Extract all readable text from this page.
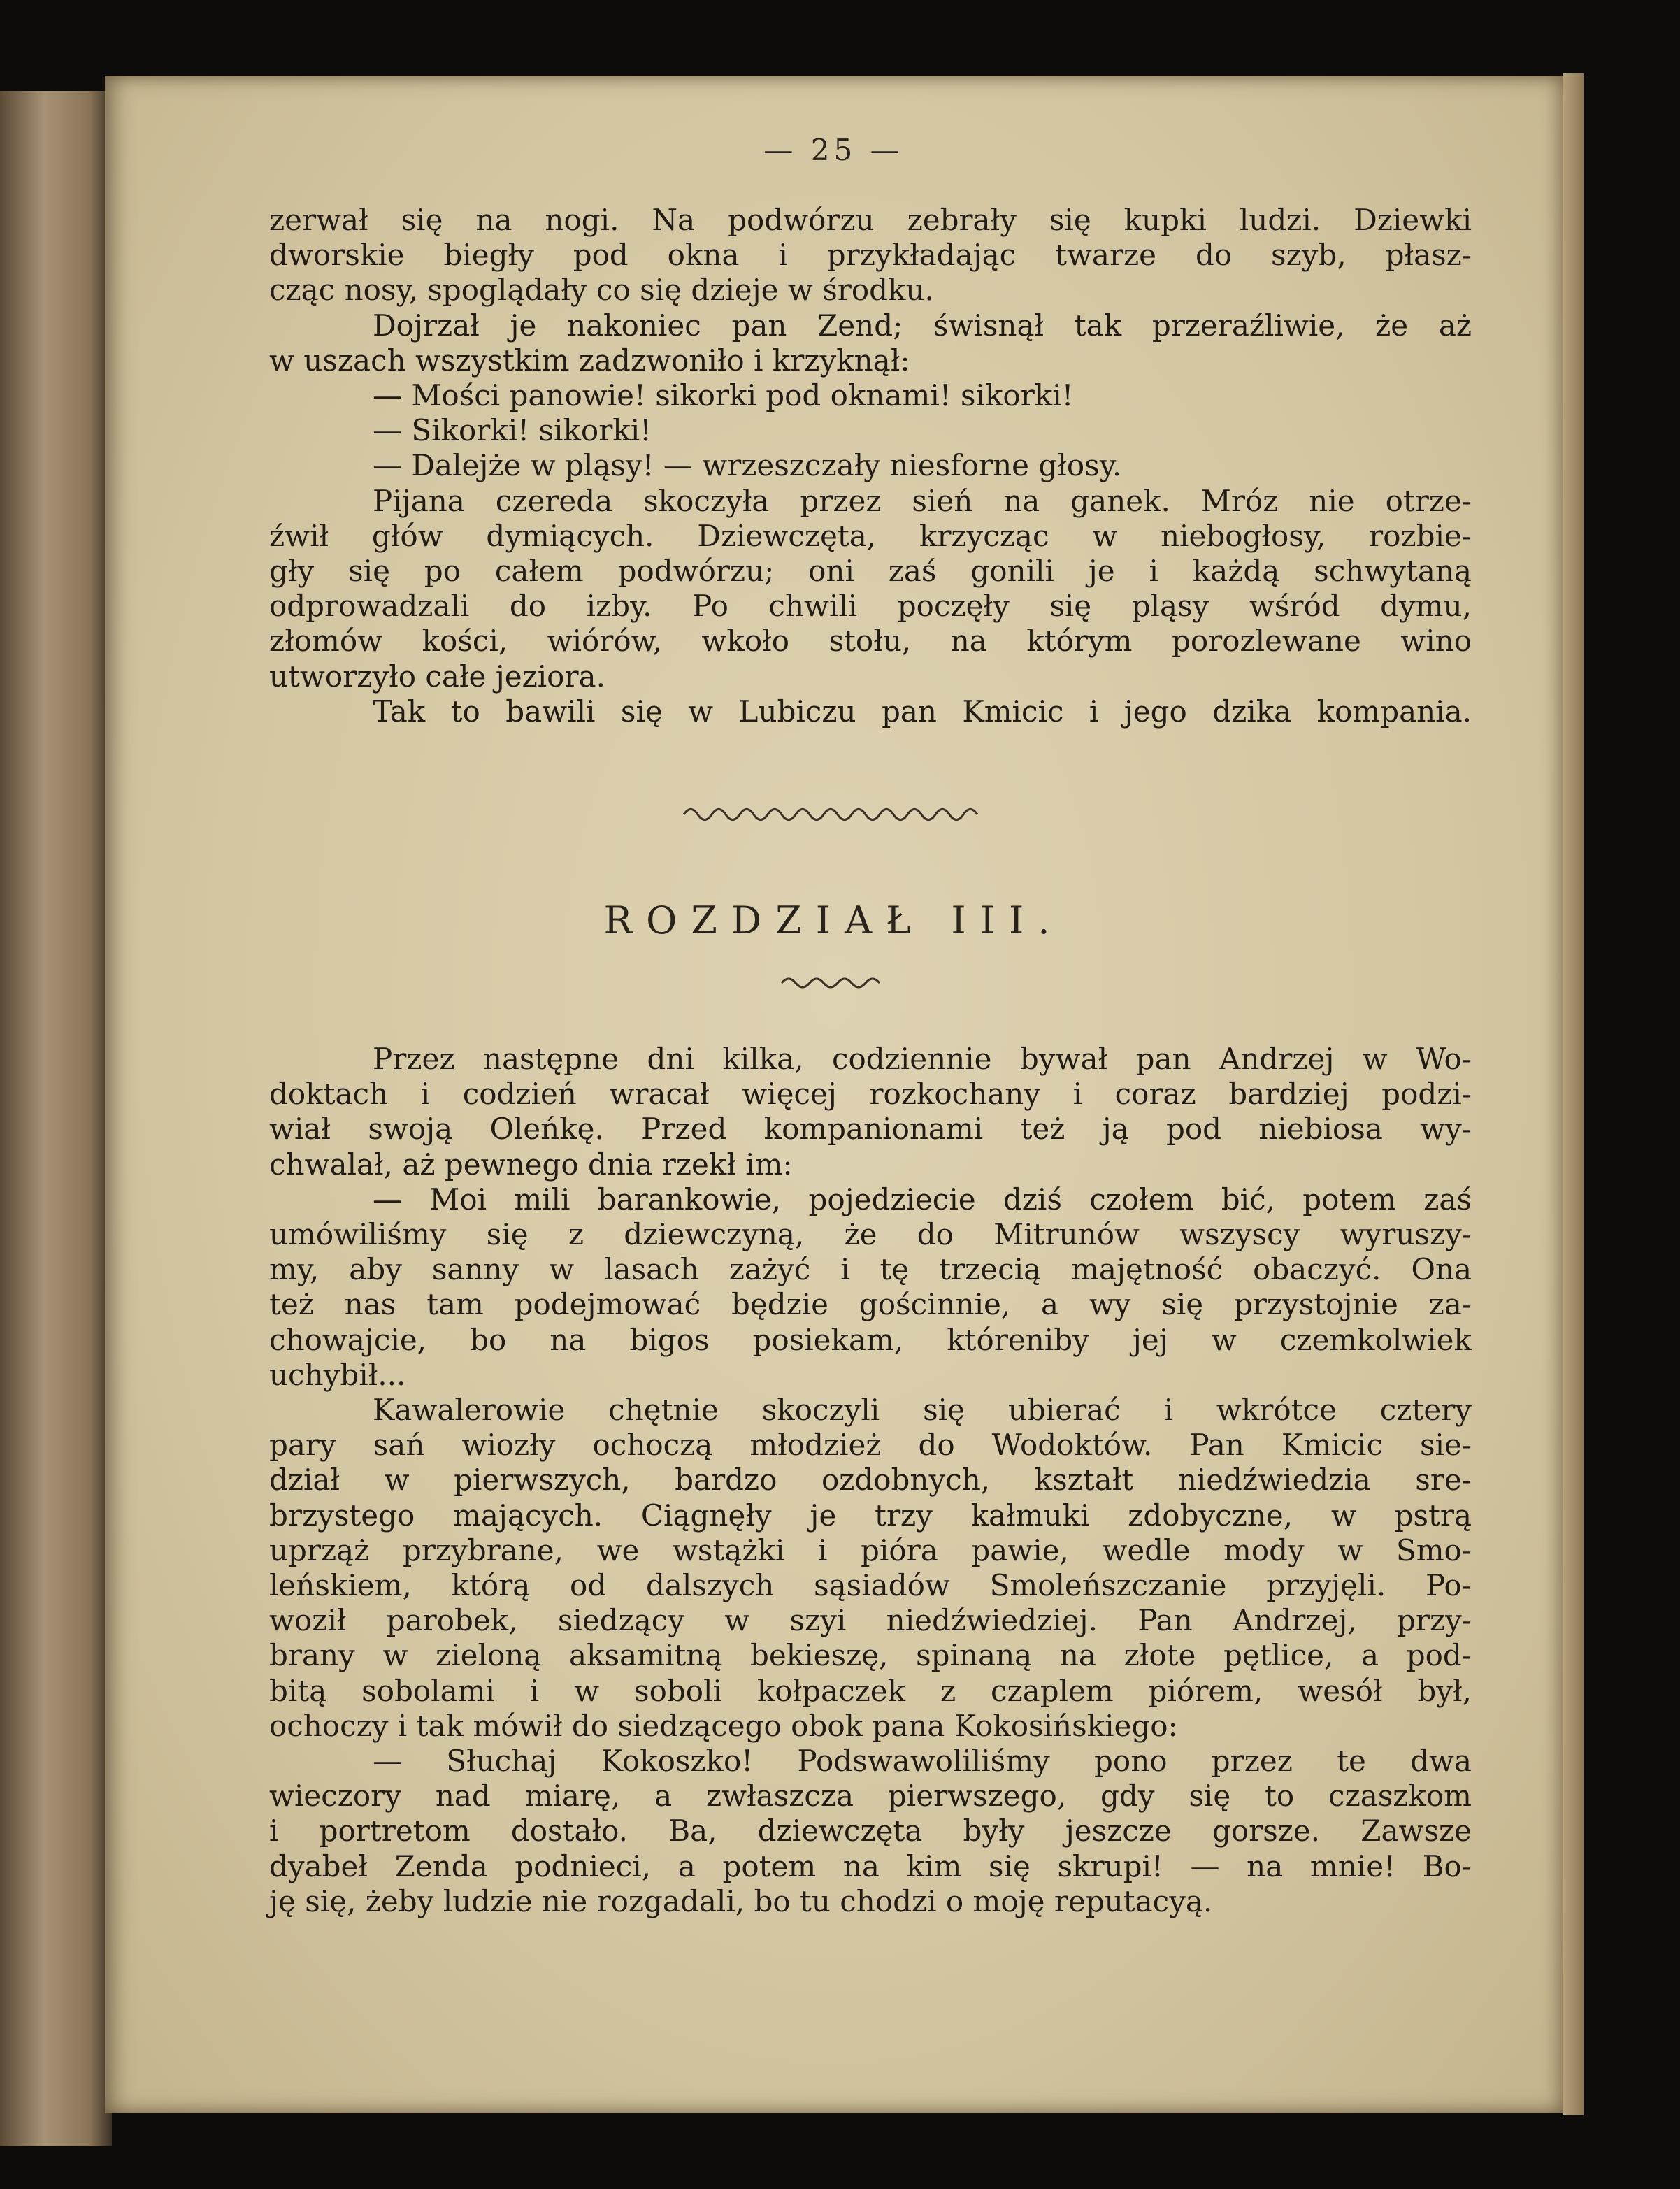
— 25 —
zerwał się na nogi. Na podwórzu zebrały się kupki ludzi. Dziewki
dworskie biegły pod okna i przykładając twarze do szyb, płasz-
cząc nosy, spoglądały co się dzieje w środku.
Dojrzał je nakoniec pan Zend; świsnął tak przeraźliwie, że aż
w uszach wszystkim zadzwoniło i krzyknął:
— Mości panowie! sikorki pod oknami! sikorki!
— Sikorki! sikorki!
— Dalejże w pląsy! — wrzeszczały niesforne głosy.
Pijana czereda skoczyła przez sień na ganek. Mróz nie otrze-
źwił głów dymiących. Dziewczęta, krzycząc w niebogłosy, rozbie-
gły się po całem podwórzu; oni zaś gonili je i każdą schwytaną
odprowadzali do izby. Po chwili poczęły się pląsy wśród dymu,
złomów kości, wiórów, wkoło stołu, na którym porozlewane wino
utworzyło całe jeziora.
Tak to bawili się w Lubiczu pan Kmicic i jego dzika kompania.
ROZDZIAŁ III.
Przez następne dni kilka, codziennie bywał pan Andrzej w Wo-
doktach i codzień wracał więcej rozkochany i coraz bardziej podzi-
wiał swoją Oleńkę. Przed kompanionami też ją pod niebiosa wy-
chwalał, aż pewnego dnia rzekł im:
— Moi mili barankowie, pojedziecie dziś czołem bić, potem zaś
umówiliśmy się z dziewczyną, że do Mitrunów wszyscy wyruszy-
my, aby sanny w lasach zażyć i tę trzecią majętność obaczyć. Ona
też nas tam podejmować będzie gościnnie, a wy się przystojnie za-
chowajcie, bo na bigos posiekam, któreniby jej w czemkolwiek
uchybił...
Kawalerowie chętnie skoczyli się ubierać i wkrótce cztery
pary sań wiozły ochoczą młodzież do Wodoktów. Pan Kmicic sie-
dział w pierwszych, bardzo ozdobnych, kształt niedźwiedzia sre-
brzystego mających. Ciągnęły je trzy kałmuki zdobyczne, w pstrą
uprząż przybrane, we wstążki i pióra pawie, wedle mody w Smo-
leńskiem, którą od dalszych sąsiadów Smoleńszczanie przyjęli. Po-
woził parobek, siedzący w szyi niedźwiedziej. Pan Andrzej, przy-
brany w zieloną aksamitną bekieszę, spinaną na złote pętlice, a pod-
bitą sobolami i w soboli kołpaczek z czaplem piórem, wesół był,
ochoczy i tak mówił do siedzącego obok pana Kokosińskiego:
— Słuchaj Kokoszko! Podswawoliliśmy pono przez te dwa
wieczory nad miarę, a zwłaszcza pierwszego, gdy się to czaszkom
i portretom dostało. Ba, dziewczęta były jeszcze gorsze. Zawsze
dyabeł Zenda podnieci, a potem na kim się skrupi! — na mnie! Bo-
ję się, żeby ludzie nie rozgadali, bo tu chodzi o moję reputacyą.
